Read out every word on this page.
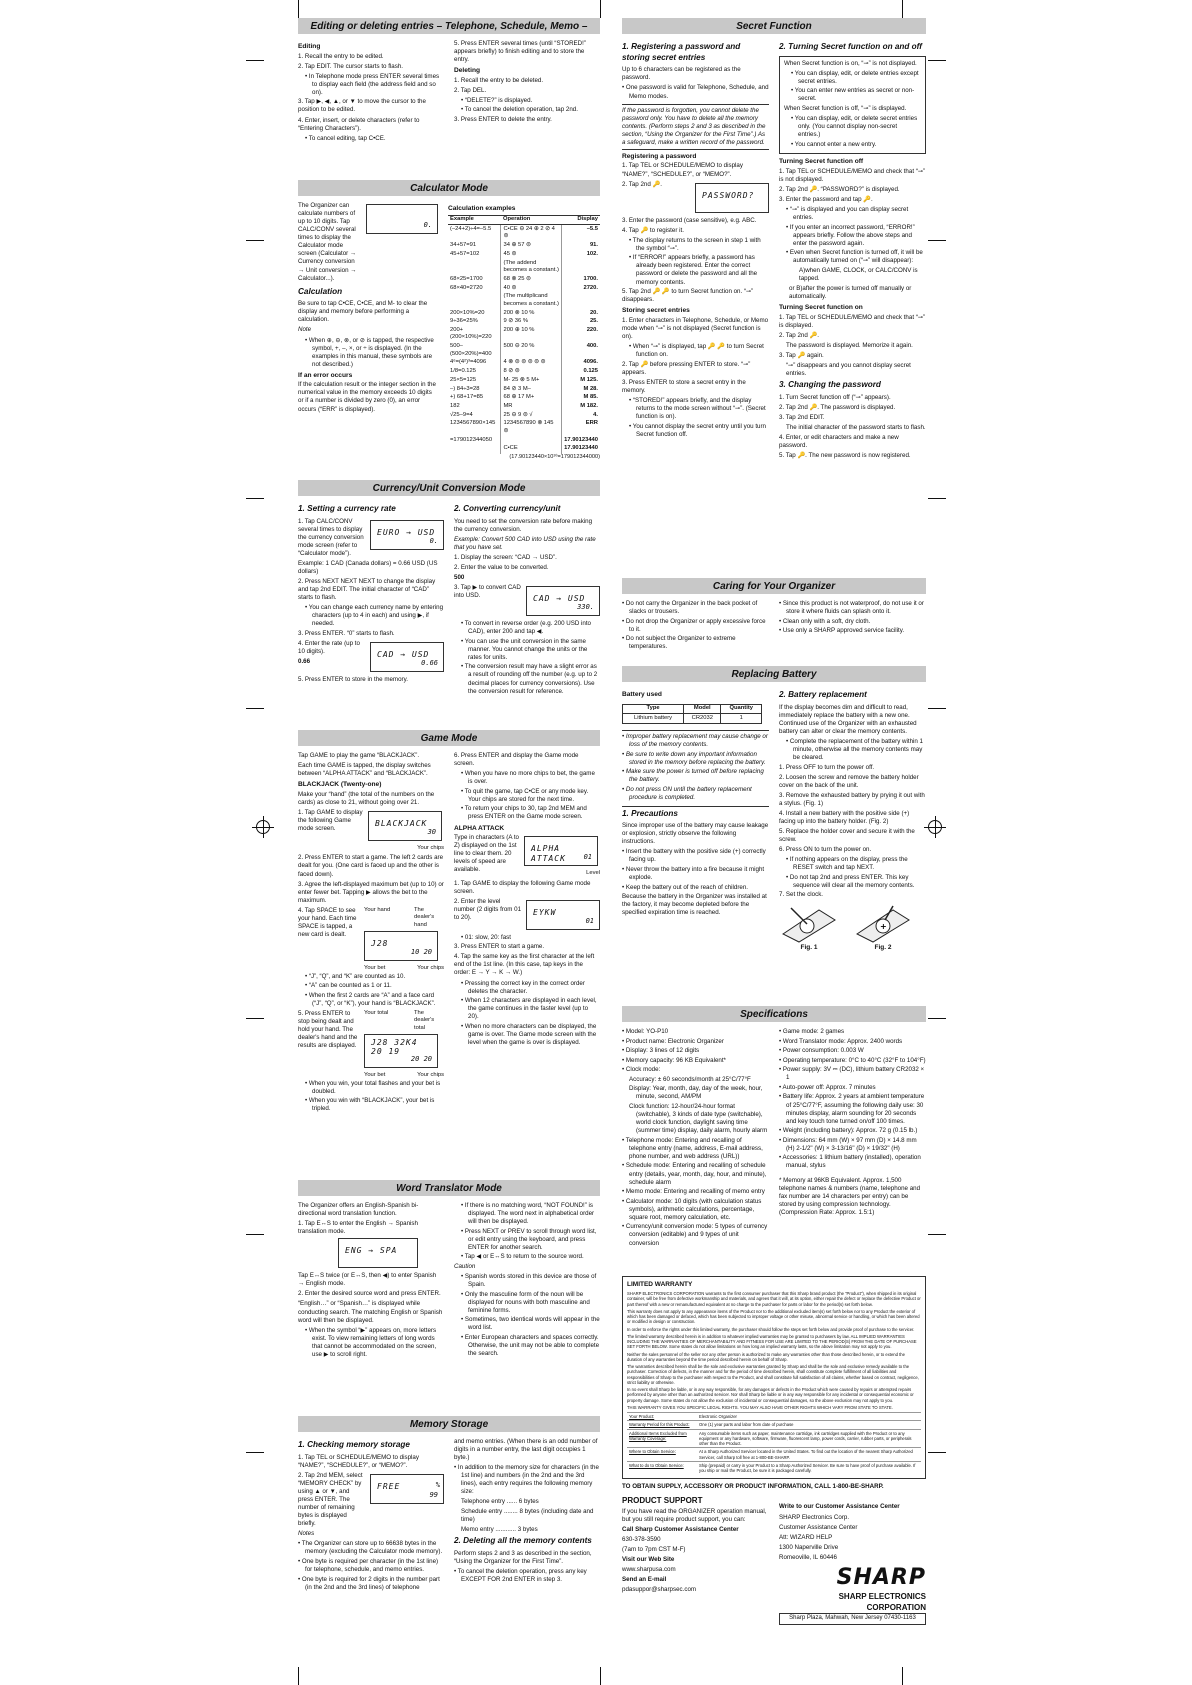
Editing or deleting entries – Telephone, Schedule, Memo –
Editing

1. Recall the entry to be edited.

2. Tap EDIT. The cursor starts to flash.

• In Telephone mode press ENTER several times to display each field (the address field and so on).

3. Tap ▶, ◀, ▲, or ▼ to move the cursor to the position to be edited.

4. Enter, insert, or delete characters (refer to “Entering Characters”).

• To cancel editing, tap C•CE.

5. Press ENTER several times (until “STORED!” appears briefly) to finish editing and to store the entry.

Deleting

1. Recall the entry to be deleted.

2. Tap DEL.

• “DELETE?” is displayed.
• To cancel the deletion operation, tap 2nd.

3. Press ENTER to delete the entry.

Calculator Mode

The Organizer can calculate numbers of up to 10 digits. Tap CALC/CONV several times to display the Calculator mode screen (Calculator → Currency conversion → Unit conversion → Calculator...).

0.
Calculation

Be sure to tap C•CE, C•CE, and M‑ to clear the display and memory before performing a calculation.

Note

• When ⊕, ⊖, ⊗, or ⊘ is tapped, the respective symbol, +, –, ×, or ÷ is displayed. (In the examples in this manual, these symbols are not described.)
If an error occurs

If the calculation result or the integer section in the numerical value in the memory exceeds 10 digits or if a number is divided by zero (0), an error occurs (“ERR” is displayed).

Calculation examples
Example	Operation	Display
(–24+2)÷4=–5.5	C•CE ⊖ 24 ⊕ 2 ⊘ 4 ⊜	–5.5
34+57=91	34 ⊕ 57 ⊜	91.
45+57=102	45 ⊜	102.
	(The addend becomes a constant.)	
68×25=1700	68 ⊗ 25 ⊜	1700.
68×40=2720	40 ⊜	2720.
	(The multiplicand becomes a constant.)	
200×10%=20	200 ⊗ 10 %	20.
9÷36=25%	9 ⊘ 36 %	25.
200+(200×10%)=220	200 ⊕ 10 %	220.
500–(500×20%)=400	500 ⊖ 20 %	400.
4⁶=(4²)³=4096	4 ⊗ ⊜ ⊜ ⊜ ⊜ ⊜	4096.
1/8=0.125	8 ⊘ ⊜	0.125
25×5=125	M‑ 25 ⊗ 5 M+	M 125.
–) 84÷3=28	84 ⊘ 3 M–	M 28.
+) 68+17=85	68 ⊕ 17 M+	M 85.
182	MR	M 182.
√25–9=4	25 ⊖ 9 ⊜ √	4.
1234567890×145	1234567890 ⊗ 145 ⊜	ERR
=179012344050		17.90123440
	C•CE	17.90123440

(17.90123440×10¹⁰=179012344000)

Currency/Unit Conversion Mode
1. Setting a currency rate

1. Tap CALC/CONV several times to display the currency conversion mode screen (refer to “Calculator mode”).

EURO → USD
0.

Example: 1 CAD (Canada dollars) = 0.66 USD (US dollars)

2. Press NEXT NEXT NEXT to change the display and tap 2nd EDIT. The initial character of “CAD” starts to flash.

• You can change each currency name by entering characters (up to 4 in each) and using ▶, if needed.

3. Press ENTER. “0” starts to flash.

4. Enter the rate (up to 10 digits).

0.66

CAD → USD
0.66

5. Press ENTER to store in the memory.

2. Converting currency/unit

You need to set the conversion rate before making the currency conversion.

Example: Convert 500 CAD into USD using the rate that you have set.

1. Display the screen: “CAD → USD”.

2. Enter the value to be converted.

500

3. Tap ▶ to convert CAD into USD.	CAD → USD
330.
• To convert in reverse order (e.g. 200 USD into CAD), enter 200 and tap ◀.
• You can use the unit conversion in the same manner. You cannot change the units or the rates for units.
• The conversion result may have a slight error as a result of rounding off the number (e.g. up to 2 decimal places for currency conversions). Use the conversion result for reference.
Game Mode

Tap GAME to play the game “BLACKJACK”.

Each time GAME is tapped, the display switches between “ALPHA ATTACK” and “BLACKJACK”.

BLACKJACK (Twenty-one)

Make your “hand” (the total of the numbers on the cards) as close to 21, without going over 21.

1. Tap GAME to display the following Game mode screen.

BLACKJACK
30

Your chips

2. Press ENTER to start a game. The left 2 cards are dealt for you. (One card is faced up and the other is faced down).

3. Agree the left-displayed maximum bet (up to 10) or enter fewer bet. Tapping ▶ allows the bet to the maximum.

4. Tap SPACE to see your hand. Each time SPACE is tapped, a new card is dealt.

Your hand	The dealer's hand
J28
10 20
Your bet	Your chips
• “J”, “Q”, and “K” are counted as 10.
• “A” can be counted as 1 or 11.
• When the first 2 cards are “A” and a face card (“J”, “Q”, or “K”), your hand is “BLACKJACK”.

5. Press ENTER to stop being dealt and hold your hand. The dealer's hand and the results are displayed.

Your total	The dealer's total
J28 32K4
20 19
20 20
Your bet	Your chips
• When you win, your total flashes and your bet is doubled.
• When you win with “BLACKJACK”, your bet is tripled.

6. Press ENTER and display the Game mode screen.

• When you have no more chips to bet, the game is over.
• To quit the game, tap C•CE or any mode key. Your chips are stored for the next time.
• To return your chips to 30, tap 2nd MEM and press ENTER on the Game mode screen.
ALPHA ATTACK

Type in characters (A to Z) displayed on the 1st line to clear them. 20 levels of speed are available.

ALPHA ATTACK	01

Level

1. Tap GAME to display the following Game mode screen.

2. Enter the level number (2 digits from 01 to 20).

EYKW
01
• 01: slow, 20: fast

3. Press ENTER to start a game.

4. Tap the same key as the first character at the left end of the 1st line. (In this case, tap keys in the order: E → Y → K → W.)

• Pressing the correct key in the correct order deletes the character.
• When 12 characters are displayed in each level, the game continues in the faster level (up to 20).
• When no more characters can be displayed, the game is over. The Game mode screen with the level when the game is over is displayed.
Word Translator Mode

The Organizer offers an English-Spanish bi-directional word translation function.

1. Tap E↔S to enter the English → Spanish translation mode.

ENG → SPA

Tap E↔S twice (or E↔S, then ◀) to enter Spanish → English mode.

2. Enter the desired source word and press ENTER.

“English…” or “Spanish…” is displayed while conducting search. The matching English or Spanish word will then be displayed.

• When the symbol “▶” appears on, more letters exist. To view remaining letters of long words that cannot be accommodated on the screen, use ▶ to scroll right.
• If there is no matching word, “NOT FOUND!” is displayed. The word next in alphabetical order will then be displayed.
• Press NEXT or PREV to scroll through word list, or edit entry using the keyboard, and press ENTER for another search.
• Tap ◀ or E↔S to return to the source word.

Caution

• Spanish words stored in this device are those of Spain.
• Only the masculine form of the noun will be displayed for nouns with both masculine and feminine forms.
• Sometimes, two identical words will appear in the word list.
• Enter European characters and spaces correctly. Otherwise, the unit may not be able to complete the search.
Memory Storage
1. Checking memory storage

1. Tap TEL or SCHEDULE/MEMO to display “NAME?”, “SCHEDULE?”, or “MEMO?”.

2. Tap 2nd MEM, select “MEMORY CHECK” by using ▲ or ▼, and press ENTER. The number of remaining bytes is displayed briefly.

FREE	%
99

Notes

• The Organizer can store up to 66638 bytes in the memory (excluding the Calculator mode memory).
• One byte is required per character (in the 1st line) for telephone, schedule, and memo entries.
• One byte is required for 2 digits in the number part (in the 2nd and the 3rd lines) of telephone

and memo entries. (When there is an odd number of digits in a number entry, the last digit occupies 1 byte.)

• In addition to the memory size for characters (in the 1st line) and numbers (in the 2nd and the 3rd lines), each entry requires the following memory size:

Telephone entry ...... 6 bytes

Schedule entry ........ 8 bytes (including date and time)

Memo entry ............ 3 bytes

2. Deleting all the memory contents

Perform steps 2 and 3 as described in the section, “Using the Organizer for the First Time”.

• To cancel the deletion operation, press any key EXCEPT FOR 2nd ENTER in step 3.
Secret Function
1. Registering a password and storing secret entries

Up to 6 characters can be registered as the password.

• One password is valid for Telephone, Schedule, and Memo modes.

If the password is forgotten, you cannot delete the password only. You have to delete all the memory contents. (Perform steps 2 and 3 as described in the section, “Using the Organizer for the First Time”.) As a safeguard, make a written record of the password.

Registering a password

1. Tap TEL or SCHEDULE/MEMO to display “NAME?”, “SCHEDULE?”, or “MEMO?”.

2. Tap 2nd 🔑.

PASSWORD?

3. Enter the password (case sensitive), e.g. ABC.

4. Tap 🔑 to register it.

• The display returns to the screen in step 1 with the symbol “⊸”.
• If “ERROR!” appears briefly, a password has already been registered. Enter the correct password or delete the password and all the memory contents.

5. Tap 2nd 🔑 🔑 to turn Secret function on. “⊸” disappears.

Storing secret entries

1. Enter characters in Telephone, Schedule, or Memo mode when “⊸” is not displayed (Secret function is on).

• When “⊸” is displayed, tap 🔑 🔑 to turn Secret function on.

2. Tap 🔑 before pressing ENTER to store. “⊸” appears.

3. Press ENTER to store a secret entry in the memory.

• “STORED!” appears briefly, and the display returns to the mode screen without “⊸”. (Secret function is on).
• You cannot display the secret entry until you turn Secret function off.
2. Turning Secret function on and off

When Secret function is on, “⊸” is not displayed.

• You can display, edit, or delete entries except secret entries.
• You can enter new entries as secret or non-secret.

When Secret function is off, “⊸” is displayed.

• You can display, edit, or delete secret entries only. (You cannot display non-secret entries.)
• You cannot enter a new entry.
Turning Secret function off

1. Tap TEL or SCHEDULE/MEMO and check that “⊸” is not displayed.

2. Tap 2nd 🔑. “PASSWORD?” is displayed.

3. Enter the password and tap 🔑.

• “⊸” is displayed and you can display secret entries.
• If you enter an incorrect password, “ERROR!” appears briefly. Follow the above steps and enter the password again.
• Even when Secret function is turned off, it will be automatically turned on (“⊸” will disappear):

A)when GAME, CLOCK, or CALC/CONV is tapped.

or B)after the power is turned off manually or automatically.

Turning Secret function on

1. Tap TEL or SCHEDULE/MEMO and check that “⊸” is displayed.

2. Tap 2nd 🔑.

The password is displayed. Memorize it again.

3. Tap 🔑 again.

“⊸” disappears and you cannot display secret entries.

3. Changing the password

1. Turn Secret function off (“⊸” appears).

2. Tap 2nd 🔑. The password is displayed.

3. Tap 2nd EDIT.

The initial character of the password starts to flash.

4. Enter, or edit characters and make a new password.

5. Tap 🔑. The new password is now registered.

Caring for Your Organizer
• Do not carry the Organizer in the back pocket of slacks or trousers.
• Do not drop the Organizer or apply excessive force to it.
• Do not subject the Organizer to extreme temperatures.
• Since this product is not waterproof, do not use it or store it where fluids can splash onto it.
• Clean only with a soft, dry cloth.
• Use only a SHARP approved service facility.
Replacing Battery
Battery used
Type	Model	Quantity
Lithium battery	CR2032	1
• Improper battery replacement may cause change or loss of the memory contents.
• Be sure to write down any important information stored in the memory before replacing the battery.
• Make sure the power is turned off before replacing the battery.
• Do not press ON until the battery replacement procedure is completed.
1. Precautions

Since improper use of the battery may cause leakage or explosion, strictly observe the following instructions.

• Insert the battery with the positive side (+) correctly facing up.
• Never throw the battery into a fire because it might explode.
• Keep the battery out of the reach of children.

Because the battery in the Organizer was installed at the factory, it may become depleted before the specified expiration time is reached.

2. Battery replacement

If the display becomes dim and difficult to read, immediately replace the battery with a new one. Continued use of the Organizer with an exhausted battery can alter or clear the memory contents.

• Complete the replacement of the battery within 1 minute, otherwise all the memory contents may be cleared.

1. Press OFF to turn the power off.

2. Loosen the screw and remove the battery holder cover on the back of the unit.

3. Remove the exhausted battery by prying it out with a stylus. (Fig. 1)

4. Install a new battery with the positive side (+) facing up into the battery holder. (Fig. 2)

5. Replace the holder cover and secure it with the screw.

6. Press ON to turn the power on.

• If nothing appears on the display, press the RESET switch and tap NEXT.
• Do not tap 2nd and press ENTER. This key sequence will clear all the memory contents.

7. Set the clock.

Fig. 1
+
Fig. 2
Specifications
• Model: YO-P10
• Product name: Electronic Organizer
• Display: 3 lines of 12 digits
• Memory capacity: 96 KB Equivalent*
• Clock mode:
Accuracy: ± 60 seconds/month at 25°C/77°F
Display: Year, month, day, day of the week, hour, minute, second, AM/PM
Clock function: 12-hour/24-hour format (switchable), 3 kinds of date type (switchable), world clock function, daylight saving time (summer time) display, daily alarm, hourly alarm
• Telephone mode: Entering and recalling of telephone entry (name, address, E-mail address, phone number, and web address (URL))
• Schedule mode: Entering and recalling of schedule entry (details, year, month, day, hour, and minute), schedule alarm
• Memo mode: Entering and recalling of memo entry
• Calculator mode: 10 digits (with calculation status symbols), arithmetic calculations, percentage, square root, memory calculation, etc.
• Currency/unit conversion mode: 5 types of currency conversion (editable) and 9 types of unit conversion
• Game mode: 2 games
• Word Translator mode: Approx. 2400 words
• Power consumption: 0.003 W
• Operating temperature: 0°C to 40°C (32°F to 104°F)
• Power supply: 3V ⎓ (DC), lithium battery CR2032 × 1
• Auto-power off: Approx. 7 minutes
• Battery life: Approx. 2 years at ambient temperature of 25°C/77°F, assuming the following daily use: 30 minutes display, alarm sounding for 20 seconds and key touch tone turned on/off 100 times.
• Weight (including battery): Approx. 72 g (0.15 lb.)
• Dimensions: 64 mm (W) × 97 mm (D) × 14.8 mm (H) 2-1/2" (W) × 3-13/16" (D) × 19/32" (H)
• Accessories: 1 lithium battery (installed), operation manual, stylus

* Memory at 96KB Equivalent. Approx. 1,500 telephone names & numbers (name, telephone and fax number are 14 characters per entry) can be stored by using compression technology. (Compression Rate: Approx. 1.5:1)

LIMITED WARRANTY

SHARP ELECTRONICS CORPORATION warrants to the first consumer purchaser that this Sharp brand product (the “Product”), when shipped in its original container, will be free from defective workmanship and materials, and agrees that it will, at its option, either repair the defect or replace the defective Product or part thereof with a new or remanufactured equivalent at no charge to the purchaser for parts or labor for the period(s) set forth below.

This warranty does not apply to any appearance items of the Product nor to the additional excluded item(s) set forth below nor to any Product the exterior of which has been damaged or defaced, which has been subjected to improper voltage or other misuse, abnormal service or handling, or which has been altered or modified in design or construction.

In order to enforce the rights under this limited warranty, the purchaser should follow the steps set forth below and provide proof of purchase to the servicer.

The limited warranty described herein is in addition to whatever implied warranties may be granted to purchasers by law. ALL IMPLIED WARRANTIES INCLUDING THE WARRANTIES OF MERCHANTABILITY AND FITNESS FOR USE ARE LIMITED TO THE PERIOD(S) FROM THE DATE OF PURCHASE SET FORTH BELOW. Some states do not allow limitations on how long an implied warranty lasts, so the above limitation may not apply to you.

Neither the sales personnel of the seller nor any other person is authorized to make any warranties other than those described herein, or to extend the duration of any warranties beyond the time period described herein on behalf of Sharp.

The warranties described herein shall be the sole and exclusive warranties granted by Sharp and shall be the sole and exclusive remedy available to the purchaser. Correction of defects, in the manner and for the period of time described herein, shall constitute complete fulfillment of all liabilities and responsibilities of Sharp to the purchaser with respect to the Product, and shall constitute full satisfaction of all claims, whether based on contract, negligence, strict liability or otherwise.

In no event shall Sharp be liable, or in any way responsible, for any damages or defects in the Product which were caused by repairs or attempted repairs performed by anyone other than an authorized servicer. Nor shall Sharp be liable or in any way responsible for any incidental or consequential economic or property damage. Some states do not allow the exclusion of incidental or consequential damages, so the above exclusion may not apply to you.

THIS WARRANTY GIVES YOU SPECIFIC LEGAL RIGHTS. YOU MAY ALSO HAVE OTHER RIGHTS WHICH VARY FROM STATE TO STATE.

Your Product:	Electronic Organizer
Warranty Period for this Product:	One (1) year parts and labor from date of purchase
Additional Items Excluded from Warranty Coverage:	Any consumable items such as paper, maintenance cartridge, ink cartridges supplied with the Product or to any equipment or any hardware, software, firmware, fluorescent lamp, power cords, carrier, rubber parts, or peripherals other than the Product.
Where to Obtain Service:	At a Sharp Authorized Servicer located in the United States. To find out the location of the nearest Sharp Authorized Servicer, call Sharp toll free at 1-800-BE-SHARP.
What to do to Obtain Service:	Ship (prepaid) or carry in your Product to a Sharp Authorized Servicer. Be sure to have proof of purchase available. If you ship or mail the Product, be sure it is packaged carefully.

TO OBTAIN SUPPLY, ACCESSORY OR PRODUCT INFORMATION, CALL 1-800-BE-SHARP.

PRODUCT SUPPORT

If you have read the ORGANIZER operation manual, but you still require product support, you can:

Call Sharp Customer Assistance Center

630-378-3590

(7am to 7pm CST M-F)

Visit our Web Site

www.sharpusa.com

Send an E-mail

pdasuppor@sharpsec.com

Write to our Customer Assistance Center

SHARP Electronics Corp.

Customer Assistance Center

Att: WIZARD HELP

1300 Naperville Drive

Romeoville, IL 60446

SHARP
SHARP ELECTRONICS CORPORATION
Sharp Plaza, Mahwah, New Jersey 07430-1163
